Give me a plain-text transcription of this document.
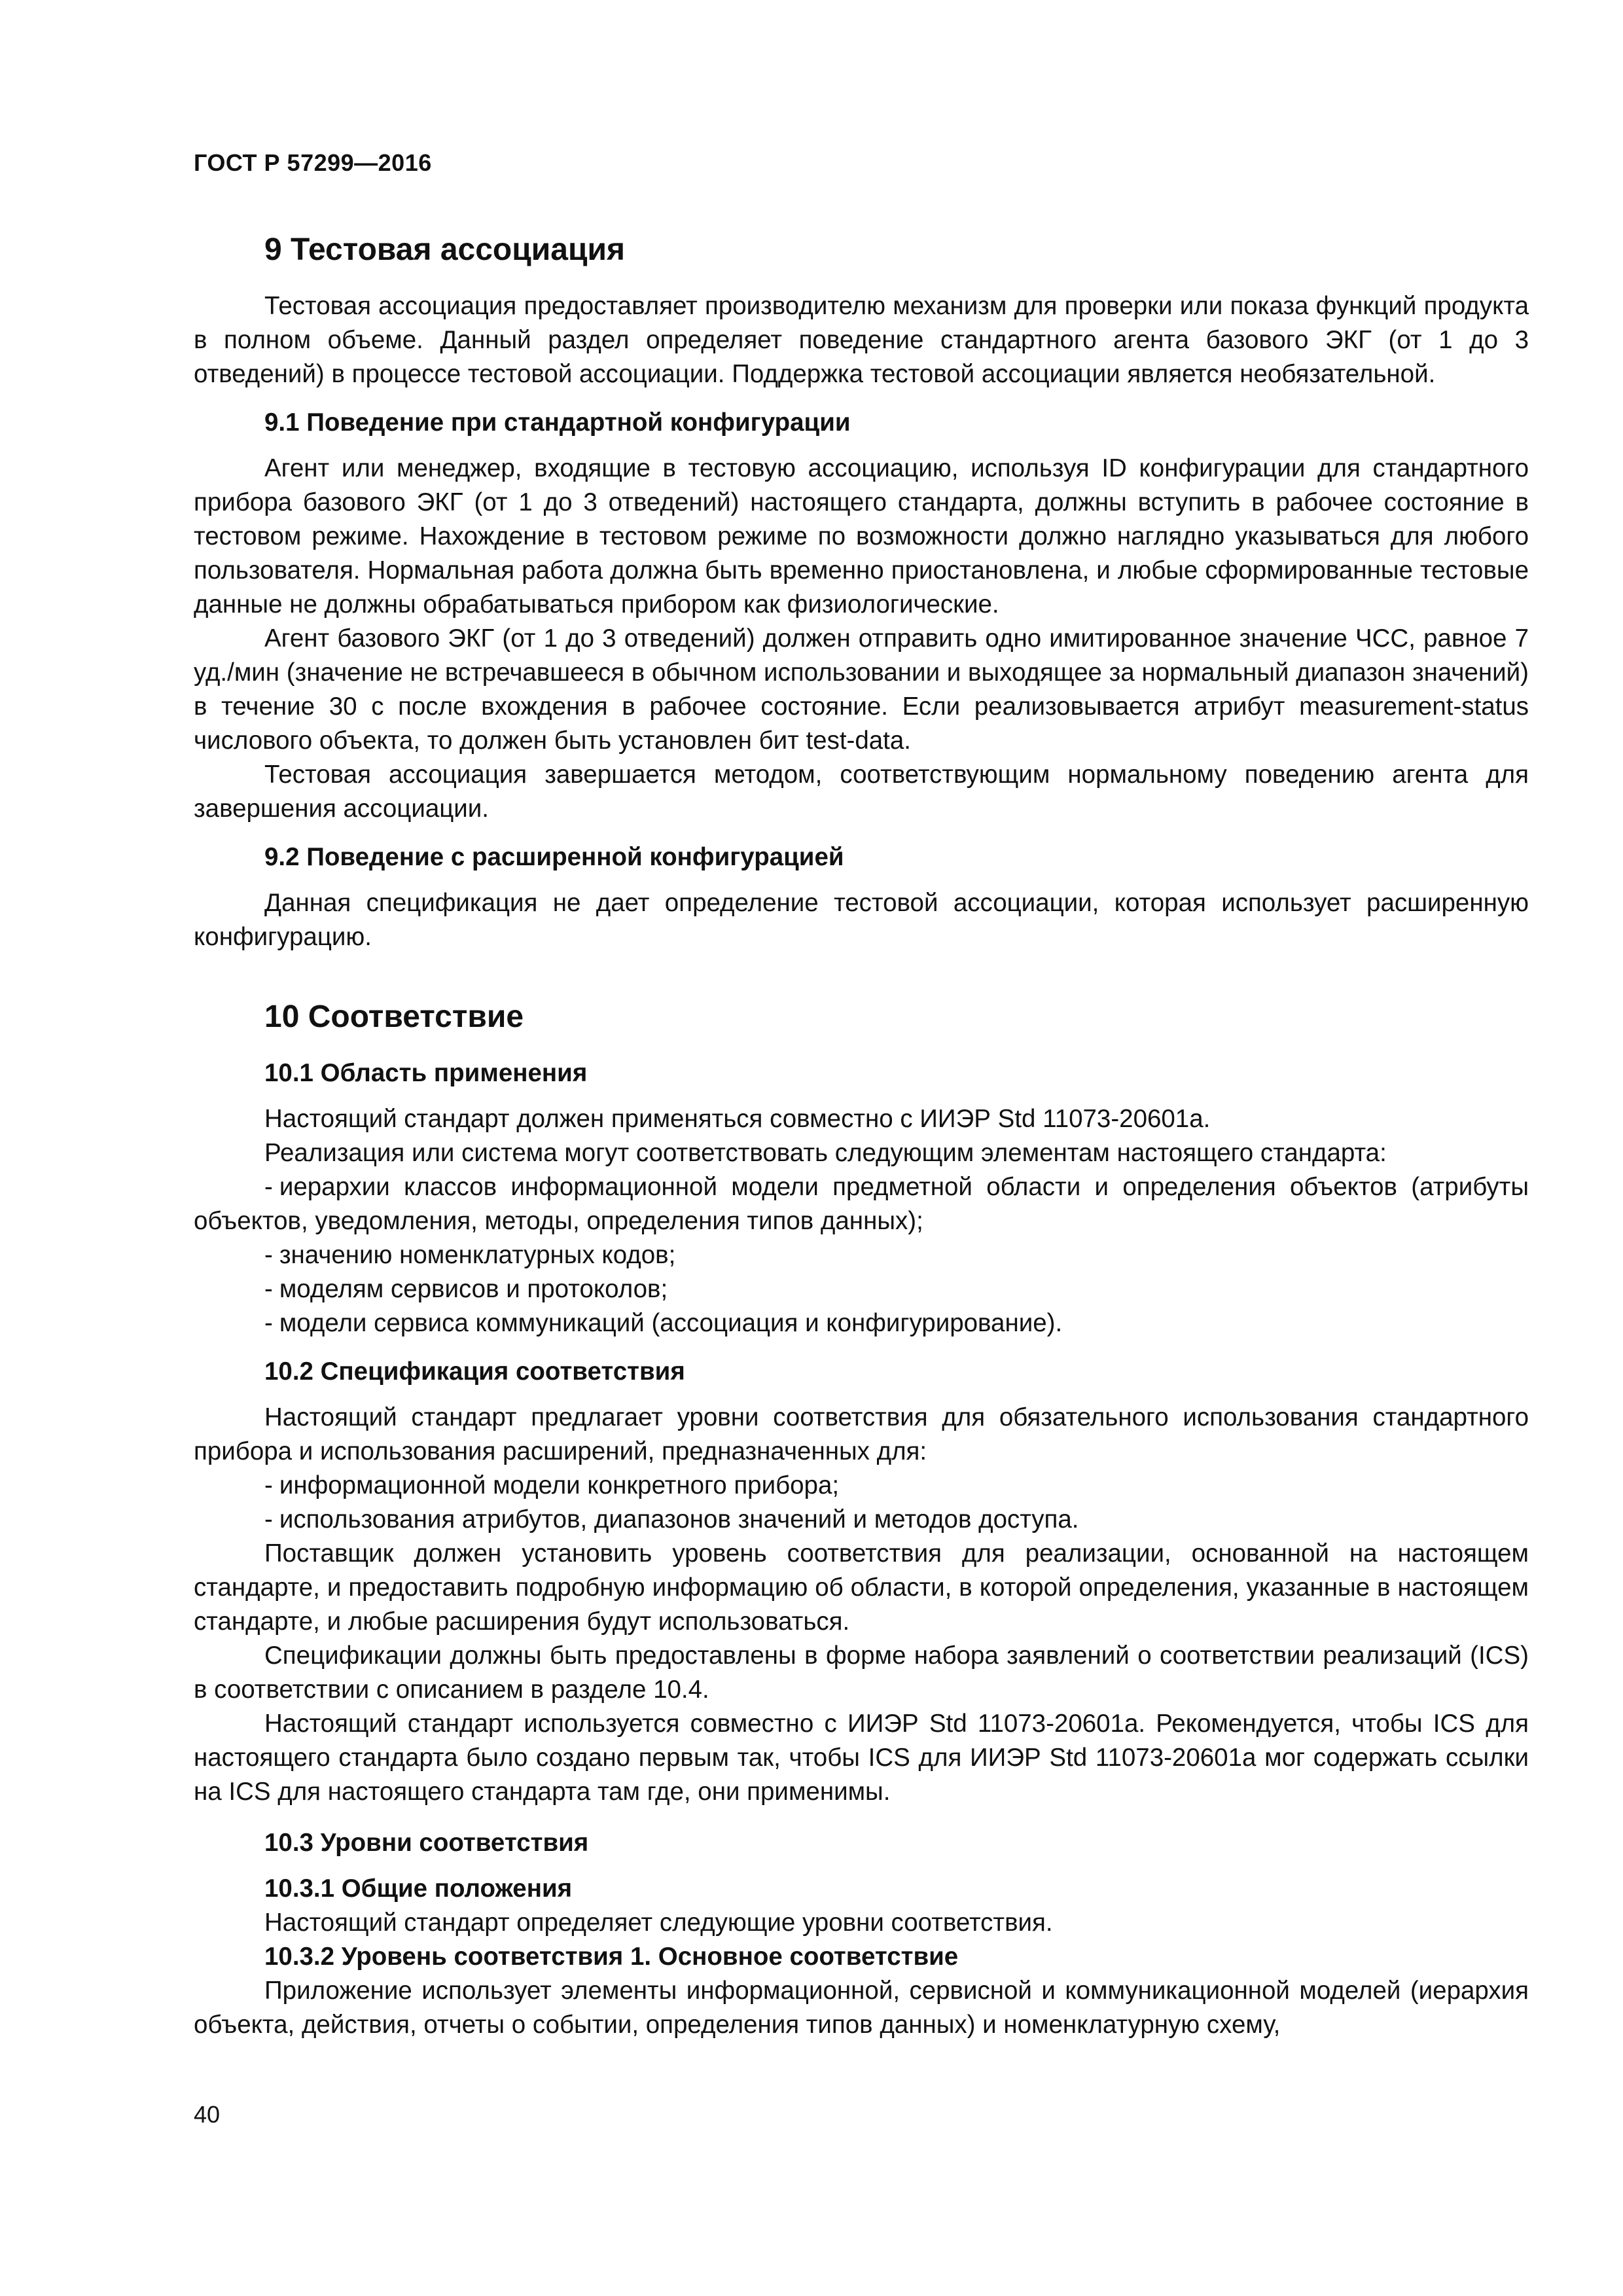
ГОСТ Р 57299—2016
9 Тестовая ассоциация

Тестовая ассоциация предоставляет производителю механизм для проверки или показа функций продукта в полном объеме. Данный раздел определяет поведение стандартного агента базового ЭКГ (от 1 до 3 отведений) в процессе тестовой ассоциации. Поддержка тестовой ассоциации является необязательной.

9.1 Поведение при стандартной конфигурации

Агент или менеджер, входящие в тестовую ассоциацию, используя ID конфигурации для стандартного прибора базового ЭКГ (от 1 до 3 отведений) настоящего стандарта, должны вступить в рабочее состояние в тестовом режиме. Нахождение в тестовом режиме по возможности должно наглядно указываться для любого пользователя. Нормальная работа должна быть временно приостановлена, и любые сформированные тестовые данные не должны обрабатываться прибором как физиологические.

Агент базового ЭКГ (от 1 до 3 отведений) должен отправить одно имитированное значение ЧСС, равное 7 уд./мин (значение не встречавшееся в обычном использовании и выходящее за нормальный диапазон значений) в течение 30 с после вхождения в рабочее состояние. Если реализовывается атрибут measurement-status числового объекта, то должен быть установлен бит test-data.

Тестовая ассоциация завершается методом, соответствующим нормальному поведению агента для завершения ассоциации.

9.2 Поведение с расширенной конфигурацией

Данная спецификация не дает определение тестовой ассоциации, которая использует расширенную конфигурацию.

10 Соответствие
10.1 Область применения

Настоящий стандарт должен применяться совместно с ИИЭР Std 11073-20601a.

Реализация или система могут соответствовать следующим элементам настоящего стандарта:

- иерархии классов информационной модели предметной области и определения объектов (атрибуты объектов, уведомления, методы, определения типов данных);

- значению номенклатурных кодов;

- моделям сервисов и протоколов;

- модели сервиса коммуникаций (ассоциация и конфигурирование).

10.2 Спецификация соответствия

Настоящий стандарт предлагает уровни соответствия для обязательного использования стандартного прибора и использования расширений, предназначенных для:

- информационной модели конкретного прибора;

- использования атрибутов, диапазонов значений и методов доступа.

Поставщик должен установить уровень соответствия для реализации, основанной на настоящем стандарте, и предоставить подробную информацию об области, в которой определения, указанные в настоящем стандарте, и любые расширения будут использоваться.

Спецификации должны быть предоставлены в форме набора заявлений о соответствии реализаций (ICS) в соответствии с описанием в разделе 10.4.

Настоящий стандарт используется совместно с ИИЭР Std 11073-20601a. Рекомендуется, чтобы ICS для настоящего стандарта было создано первым так, чтобы ICS для ИИЭР Std 11073-20601a мог содержать ссылки на ICS для настоящего стандарта там где, они применимы.

10.3 Уровни соответствия
10.3.1 Общие положения

Настоящий стандарт определяет следующие уровни соответствия.

10.3.2 Уровень соответствия 1. Основное соответствие

Приложение использует элементы информационной, сервисной и коммуникационной моделей (иерархия объекта, действия, отчеты о событии, определения типов данных) и номенклатурную схему,

40
